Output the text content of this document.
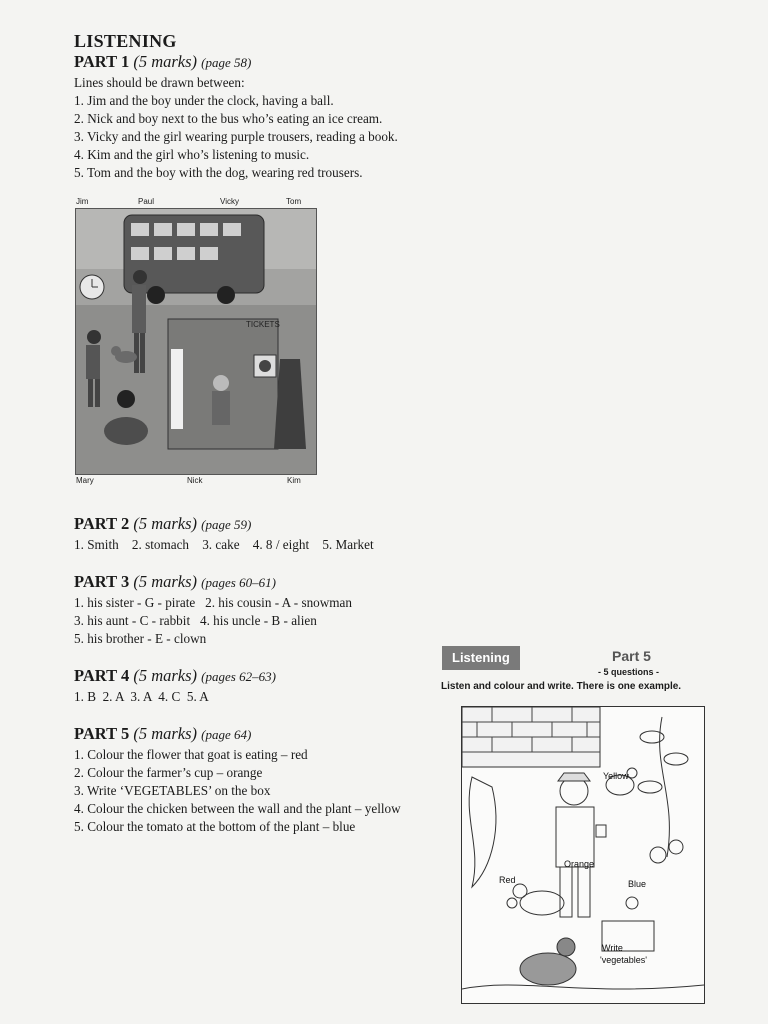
LISTENING
PART 1 (5 marks) (page 58)
Lines should be drawn between:
1. Jim and the boy under the clock, having a ball.
2. Nick and boy next to the bus who’s eating an ice cream.
3. Vicky and the girl wearing purple trousers, reading a book.
4. Kim and the girl who’s listening to music.
5. Tom and the boy with the dog, wearing red trousers.
Jim	Paul	Vicky	Tom
TICKETS
Mary	Nick	Kim
PART 2 (5 marks) (page 59)
1. Smith    2. stomach    3. cake    4. 8 / eight    5. Market
PART 3 (5 marks) (pages 60–61)
1. his sister - G - pirate   2. his cousin - A - snowman
3. his aunt - C - rabbit   4. his uncle - B - alien
5. his brother - E - clown
PART 4 (5 marks) (pages 62–63)
1. B  2. A  3. A  4. C  5. A
PART 5 (5 marks) (page 64)
1. Colour the flower that goat is eating – red
2. Colour the farmer’s cup – orange
3. Write ‘VEGETABLES’ on the box
4. Colour the chicken between the wall and the plant – yellow
5. Colour the tomato at the bottom of the plant – blue
Listening	Part 5
- 5 questions -
Listen and colour and write. There is one example.
Yellow
Orange
Red	Blue
Write
'vegetables'
